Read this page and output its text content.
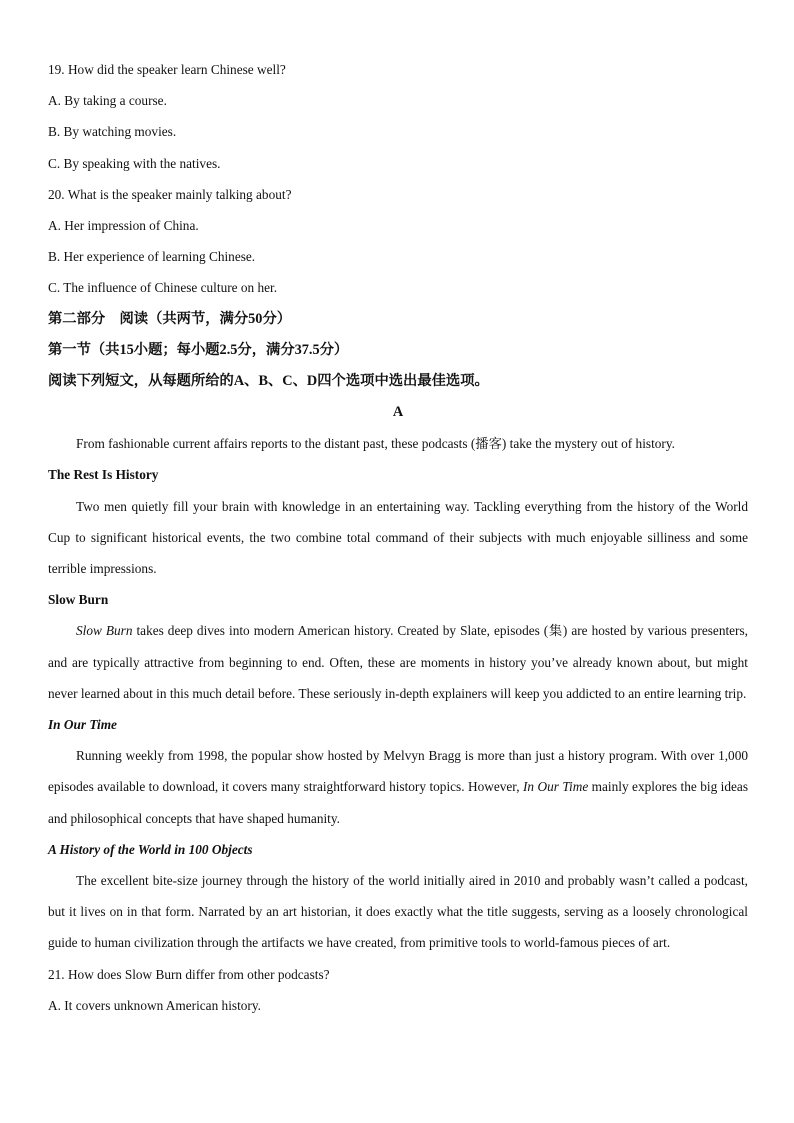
19. How did the speaker learn Chinese well?
A. By taking a course.
B. By watching movies.
C. By speaking with the natives.
20. What is the speaker mainly talking about?
A. Her impression of China.
B. Her experience of learning Chinese.
C. The influence of Chinese culture on her.
第二部分　阅读（共两节，满分50分）
第一节（共15小题；每小题2.5分，满分37.5分）
阅读下列短文，从每题所给的A、B、C、D四个选项中选出最佳选项。
A

From fashionable current affairs reports to the distant past, these podcasts (播客) take the mystery out of history.

The Rest Is History

Two men quietly fill your brain with knowledge in an entertaining way. Tackling everything from the history of the World Cup to significant historical events, the two combine total command of their subjects with much enjoyable silliness and some terrible impressions.

Slow Burn

Slow Burn takes deep dives into modern American history. Created by Slate, episodes (集) are hosted by various presenters, and are typically attractive from beginning to end. Often, these are moments in history you’ve already known about, but might never learned about in this much detail before. These seriously in-depth explainers will keep you addicted to an entire learning trip.

In Our Time

Running weekly from 1998, the popular show hosted by Melvyn Bragg is more than just a history program. With over 1,000 episodes available to download, it covers many straightforward history topics. However, In Our Time mainly explores the big ideas and philosophical concepts that have shaped humanity.

A History of the World in 100 Objects

The excellent bite-size journey through the history of the world initially aired in 2010 and probably wasn’t called a podcast, but it lives on in that form. Narrated by an art historian, it does exactly what the title suggests, serving as a loosely chronological guide to human civilization through the artifacts we have created, from primitive tools to world-famous pieces of art.

21. How does Slow Burn differ from other podcasts?
A. It covers unknown American history.
